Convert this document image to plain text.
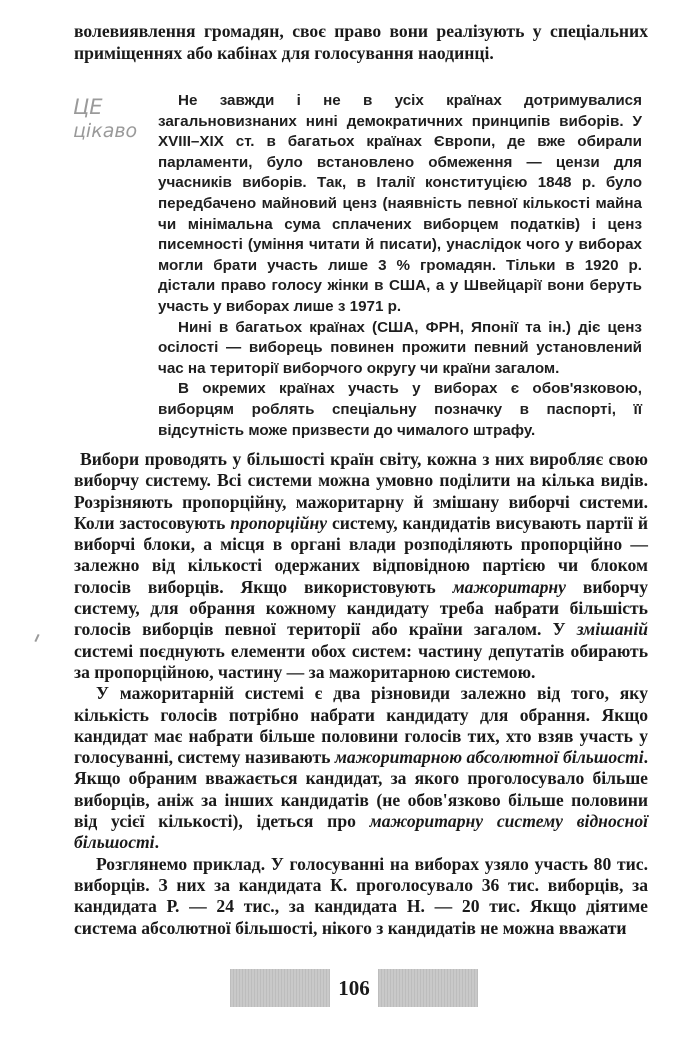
волевиявлення громадян, своє право вони реалізують у спеціальних приміщеннях або кабінах для голосування наодинці.

ЦЕ
цікаво

Не завжди і не в усіх країнах дотримувалися загальновизнаних нині демократичних принципів виборів. У XVIII–XIX ст. в багатьох країнах Європи, де вже обирали парламенти, було встановлено обмеження — цензи для учасників виборів. Так, в Італії конституцією 1848 р. було передбачено майновий ценз (наявність певної кількості майна чи мінімальна сума сплачених виборцем податків) і ценз писемності (уміння читати й писати), унаслідок чого у виборах могли брати участь лише 3 % громадян. Тільки в 1920 р. дістали право голосу жінки в США, а у Швейцарії вони беруть участь у виборах лише з 1971 р.

Нині в багатьох країнах (США, ФРН, Японії та ін.) діє ценз осілості — виборець повинен прожити певний установлений час на території виборчого округу чи країни загалом.

В окремих країнах участь у виборах є обов'язковою, виборцям роблять спеціальну позначку в паспорті, її відсутність може призвести до чималого штрафу.

Вибори проводять у більшості країн світу, кожна з них виробляє свою виборчу систему. Всі системи можна умовно поділити на кілька видів. Розрізняють пропорційну, мажоритарну й змішану виборчі системи. Коли застосовують пропорційну систему, кандидатів висувають партії й виборчі блоки, а місця в органі влади розподіляють пропорційно — залежно від кількості одержаних відповідною партією чи блоком голосів виборців. Якщо використовують мажоритарну виборчу систему, для обрання кожному кандидату треба набрати більшість голосів виборців певної території або країни загалом. У змішаній системі поєднують елементи обох систем: частину депутатів обирають за пропорційною, частину — за мажоритарною системою.

У мажоритарній системі є два різновиди залежно від того, яку кількість голосів потрібно набрати кандидату для обрання. Якщо кандидат має набрати більше половини голосів тих, хто взяв участь у голосуванні, систему називають мажоритарною абсолютної більшості. Якщо обраним вважається кандидат, за якого проголосувало більше виборців, аніж за інших кандидатів (не обов'язково більше половини від усієї кількості), ідеться про мажоритарну систему відносної більшості.

Розглянемо приклад. У голосуванні на виборах узяло участь 80 тис. виборців. З них за кандидата К. проголосувало 36 тис. виборців, за кандидата Р. — 24 тис., за кандидата Н. — 20 тис. Якщо діятиме система абсолютної більшості, нікого з кандидатів не можна вважати

106
